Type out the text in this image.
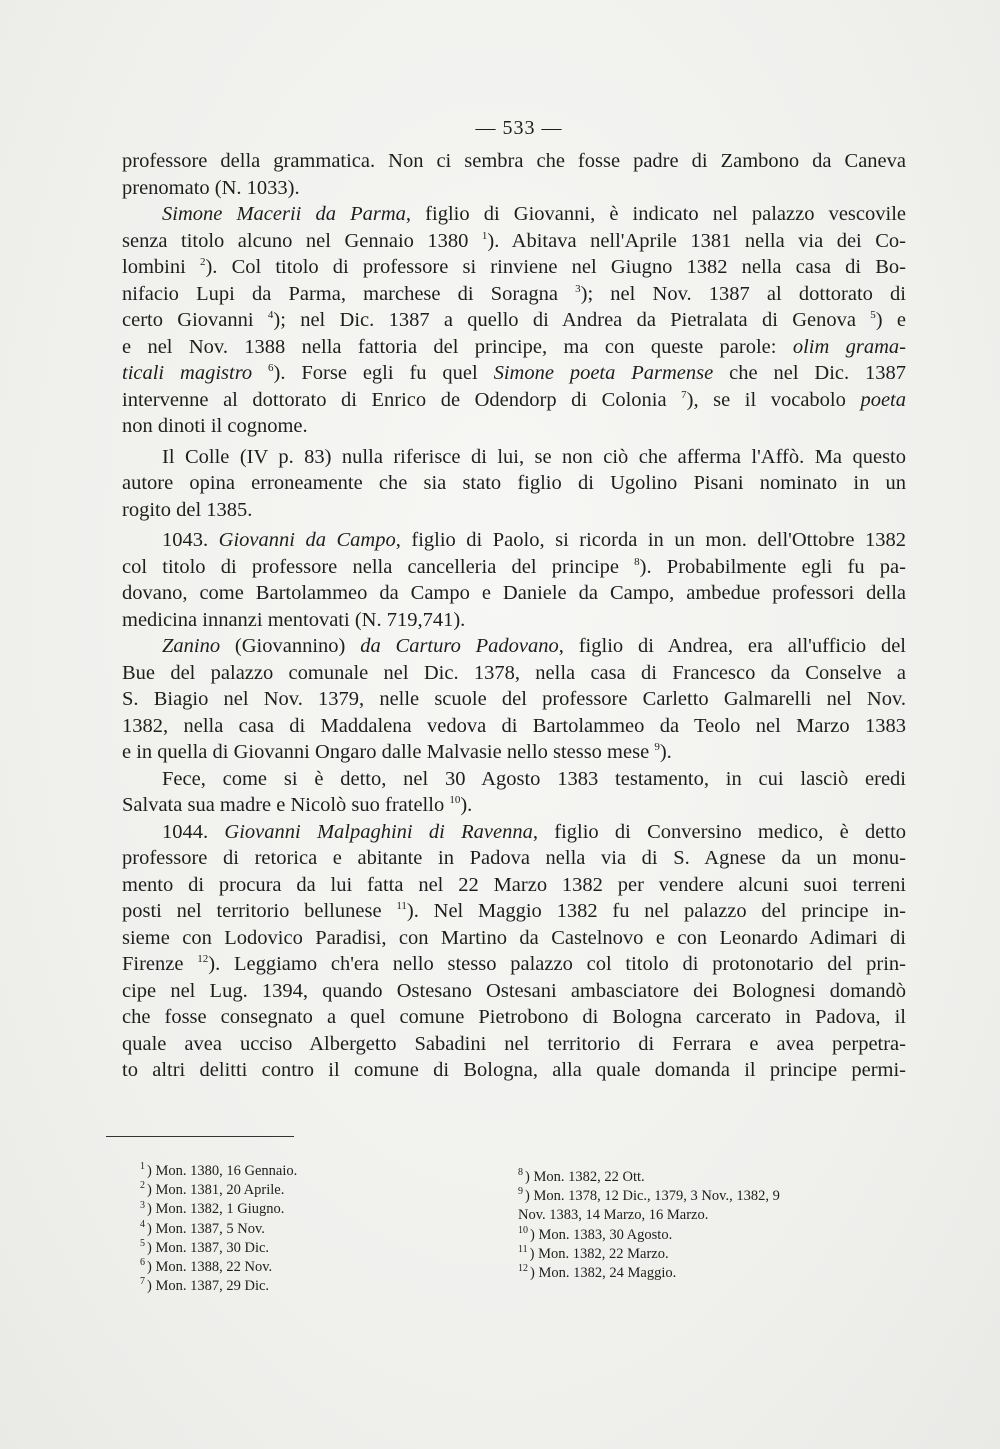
— 533 —
professore della grammatica. Non ci sembra che fosse padre di Zambono da Caneva
prenomato (N. 1033).
Simone Macerii da Parma, figlio di Giovanni, è indicato nel palazzo vescovile
senza titolo alcuno nel Gennaio 1380 $^1$). Abitava nell'Aprile 1381 nella via dei Co-
lombini $^2$). Col titolo di professore si rinviene nel Giugno 1382 nella casa di Bo-
nifacio Lupi da Parma, marchese di Soragna $^3$); nel Nov. 1387 al dottorato di
certo Giovanni $^4$); nel Dic. 1387 a quello di Andrea da Pietralata di Genova $^5$) e
e nel Nov. 1388 nella fattoria del principe, ma con queste parole: olim grama-
ticali magistro $^6$). Forse egli fu quel Simone poeta Parmense che nel Dic. 1387
intervenne al dottorato di Enrico de Odendorp di Colonia $^7$), se il vocabolo poeta
non dinoti il cognome.
Il Colle (IV p. 83) nulla riferisce di lui, se non ciò che afferma l'Affò. Ma questo
autore opina erroneamente che sia stato figlio di Ugolino Pisani nominato in un
rogito del 1385.
1043. Giovanni da Campo, figlio di Paolo, si ricorda in un mon. dell'Ottobre 1382
col titolo di professore nella cancelleria del principe $^8$). Probabilmente egli fu pa-
dovano, come Bartolammeo da Campo e Daniele da Campo, ambedue professori della
medicina innanzi mentovati (N. 719,741).
Zanino (Giovannino) da Carturo Padovano, figlio di Andrea, era all'ufficio del
Bue del palazzo comunale nel Dic. 1378, nella casa di Francesco da Conselve a
S. Biagio nel Nov. 1379, nelle scuole del professore Carletto Galmarelli nel Nov.
1382, nella casa di Maddalena vedova di Bartolammeo da Teolo nel Marzo 1383
e in quella di Giovanni Ongaro dalle Malvasie nello stesso mese $^9$).
Fece, come si è detto, nel 30 Agosto 1383 testamento, in cui lasciò eredi
Salvata sua madre e Nicolò suo fratello $^{10}$).
1044. Giovanni Malpaghini di Ravenna, figlio di Conversino medico, è detto
professore di retorica e abitante in Padova nella via di S. Agnese da un monu-
mento di procura da lui fatta nel 22 Marzo 1382 per vendere alcuni suoi terreni
posti nel territorio bellunese $^{11}$). Nel Maggio 1382 fu nel palazzo del principe in-
sieme con Lodovico Paradisi, con Martino da Castelnovo e con Leonardo Adimari di
Firenze $^{12}$). Leggiamo ch'era nello stesso palazzo col titolo di protonotario del prin-
cipe nel Lug. 1394, quando Ostesano Ostesani ambasciatore dei Bolognesi domandò
che fosse consegnato a quel comune Pietrobono di Bologna carcerato in Padova, il
quale avea ucciso Albergetto Sabadini nel territorio di Ferrara e avea perpetra-
to altri delitti contro il comune di Bologna, alla quale domanda il principe permi-
$^1$ ) Mon. 1380, 16 Gennaio.
$^2$ ) Mon. 1381, 20 Aprile.
$^3$ ) Mon. 1382, 1 Giugno.
$^4$ ) Mon. 1387, 5 Nov.
$^5$ ) Mon. 1387, 30 Dic.
$^6$ ) Mon. 1388, 22 Nov.
$^7$ ) Mon. 1387, 29 Dic.
$^8$ ) Mon. 1382, 22 Ott.
$^9$ ) Mon. 1378, 12 Dic., 1379, 3 Nov., 1382, 9
Nov. 1383, 14 Marzo, 16 Marzo.
$^{10}$ ) Mon. 1383, 30 Agosto.
$^{11}$ ) Mon. 1382, 22 Marzo.
$^{12}$ ) Mon. 1382, 24 Maggio.
